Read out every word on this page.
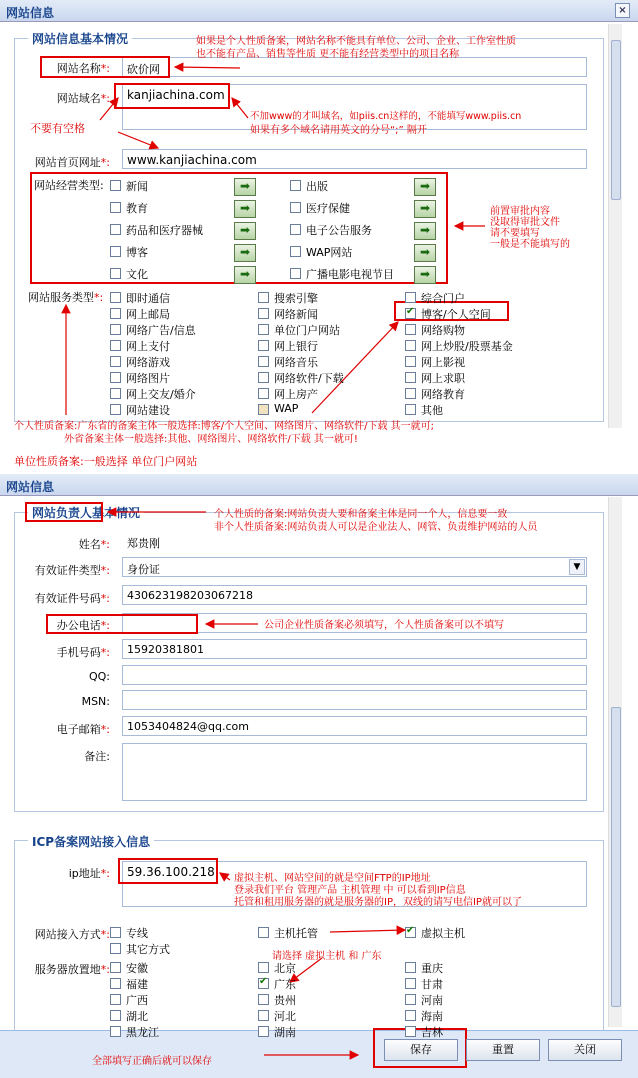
网站信息	×
网站信息基本情况
网站名称*:	砍价网
网站域名*:	kanjiachina.com
网站首页网址*:	www.kanjiachina.com
网站经营类型: 新闻	➡	出版	➡
教育	➡	医疗保健	➡
药品和医疗器械	➡	电子公告服务	➡
博客	➡	WAP网站	➡
文化	➡	广播电影电视节目	➡
网站服务类型*:
如果是个人性质备案，网站名称不能具有单位、公司、企业、工作室性质
也不能有产品、销售等性质 更不能有经营类型中的项目名称
不加www的才叫域名，如piis.cn这样的，不能填写www.piis.cn
如果有多个域名请用英文的分号“;” 隔开
不要有空格
前置审批内容
没取得审批文件
请不要填写
一般是不能填写的
个人性质备案:广东省的备案主体一般选择:博客/个人空间、网络图片、网络软件/下载 其一就可;
外省备案主体一般选择:其他、网络图片、网络软件/下载 其一就可!
单位性质备案:一般选择 单位门户网站
网站信息
网站负责人基本情况
姓名*:	郑贵刚
有效证件类型*:	身份证	▼
有效证件号码*:	430623198203067218
办公电话*:
手机号码*:	15920381801
QQ:
MSN:
电子邮箱*:	1053404824@qq.com
备注:
个人性质的备案:网站负责人要和备案主体是同一个人，信息要一致
非个人性质备案:网站负责人可以是企业法人、网管、负责维护网站的人员
公司企业性质备案必须填写，个人性质备案可以不填写
ICP备案网站接入信息
ip地址*:	59.36.100.218
网站接入方式*: 专线	主机托管 ✔	虚拟主机
其它方式
服务器放置地*:
虚拟主机、网站空间的就是空间FTP的IP地址
登录我们平台 管理产品 主机管理 中 可以看到IP信息
托管和租用服务器的就是服务器的IP，双线的请写电信IP就可以了
请选择 虚拟主机 和 广东
全部填写正确后就可以保存
保存	重置	关闭
即时通信	搜索引擎	综合门户
网上邮局	网络新闻 ✔	博客/个人空间
网络广告/信息	单位门户网站	网络购物
网上支付	网上银行	网上炒股/股票基金
网络游戏	网络音乐	网上影视
网络图片	网络软件/下载	网上求职
网上交友/婚介	网上房产	网络教育
网站建设	WAP	其他
安徽	北京	重庆
福建 ✔	广东	甘肃
广西	贵州	河南
湖北	河北	海南
黑龙江	湖南	吉林
